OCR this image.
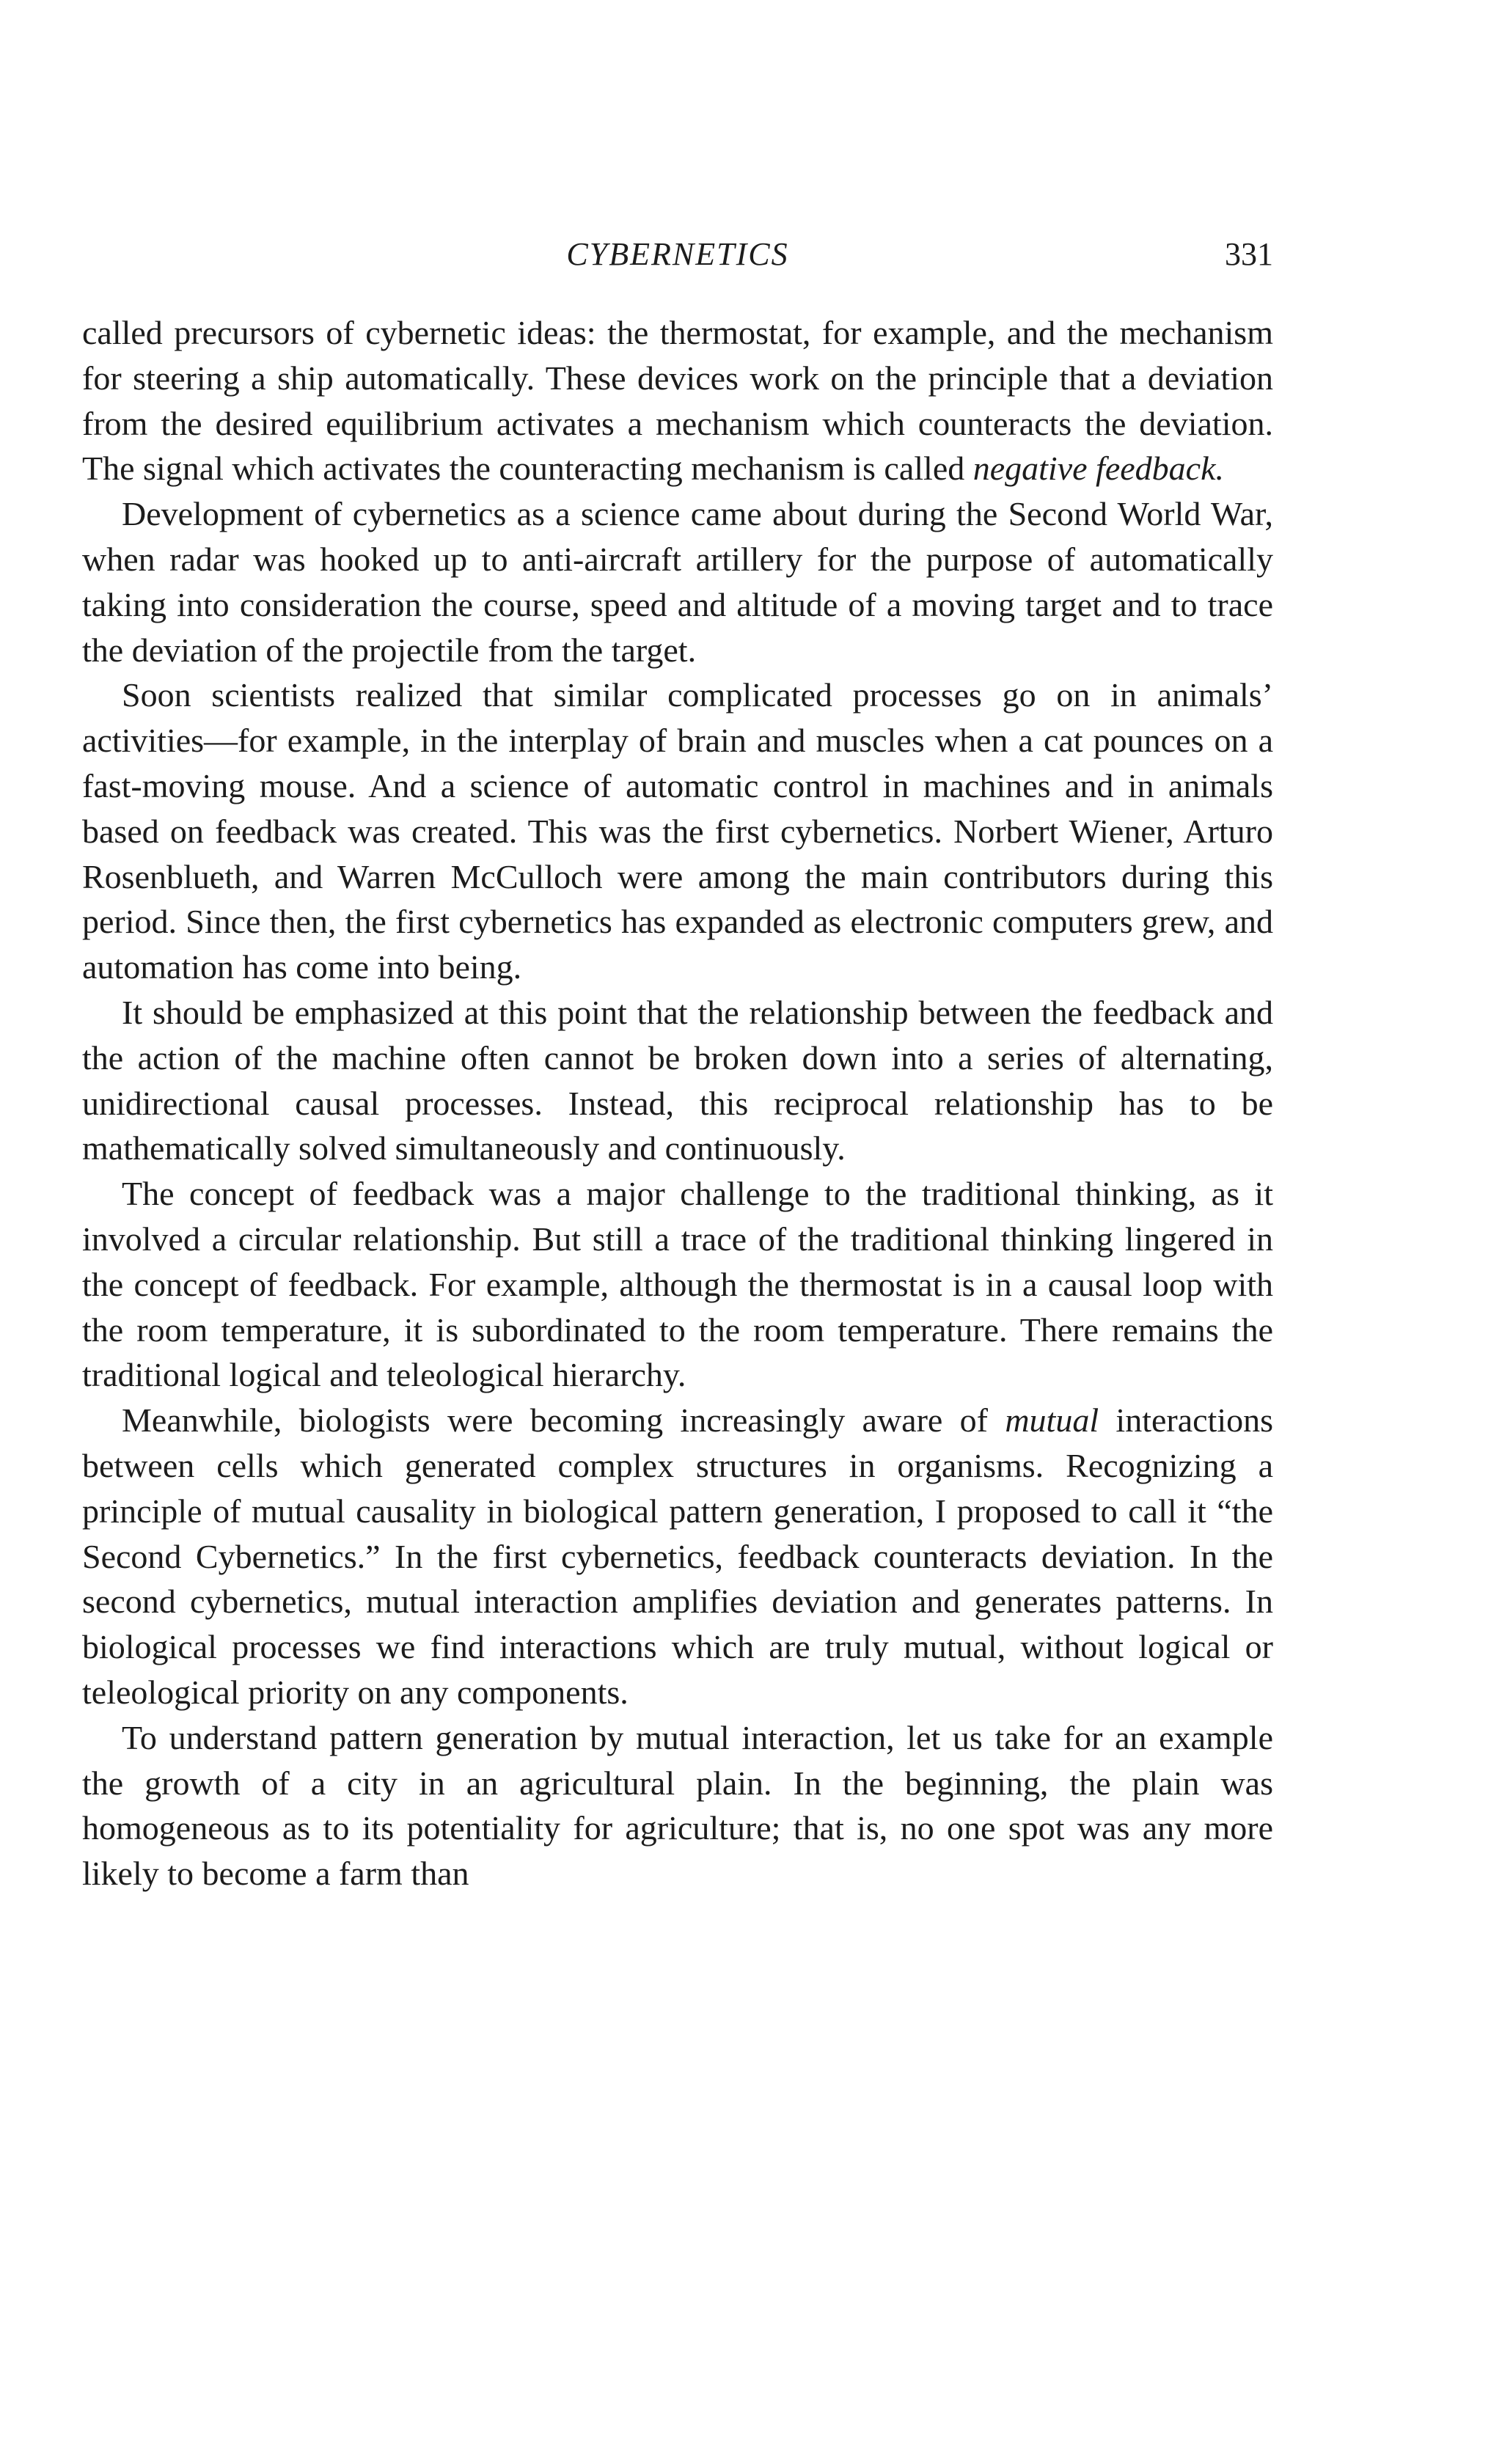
CYBERNETICS	331

called precursors of cybernetic ideas: the thermostat, for example, and the mechanism for steering a ship automatically. These devices work on the principle that a deviation from the desired equilibrium activates a mechanism which counteracts the deviation. The signal which activates the counteracting mechanism is called negative feedback.

Development of cybernetics as a science came about during the Second World War, when radar was hooked up to anti-aircraft artillery for the purpose of automatically taking into consideration the course, speed and altitude of a moving target and to trace the deviation of the projectile from the target.

Soon scientists realized that similar complicated processes go on in animals’ activities—for example, in the interplay of brain and muscles when a cat pounces on a fast-moving mouse. And a science of automatic control in machines and in animals based on feedback was created. This was the first cybernetics. Norbert Wiener, Arturo Rosenblueth, and Warren McCulloch were among the main contributors during this period. Since then, the first cybernetics has expanded as electronic computers grew, and automation has come into being.

It should be emphasized at this point that the relationship between the feedback and the action of the machine often cannot be broken down into a series of alternating, unidirectional causal processes. Instead, this reciprocal relationship has to be mathematically solved simultaneously and continuously.

The concept of feedback was a major challenge to the traditional thinking, as it involved a circular relationship. But still a trace of the traditional thinking lingered in the concept of feedback. For example, although the thermostat is in a causal loop with the room temperature, it is subordinated to the room temperature. There remains the traditional logical and teleological hierarchy.

Meanwhile, biologists were becoming increasingly aware of mutual interactions between cells which generated complex structures in organisms. Recognizing a principle of mutual causality in biological pattern generation, I proposed to call it “the Second Cybernetics.” In the first cybernetics, feedback counteracts deviation. In the second cybernetics, mutual interaction amplifies deviation and generates patterns. In biological processes we find interactions which are truly mutual, without logical or teleological priority on any components.

To understand pattern generation by mutual interaction, let us take for an example the growth of a city in an agricultural plain. In the beginning, the plain was homogeneous as to its potentiality for agriculture; that is, no one spot was any more likely to become a farm than
